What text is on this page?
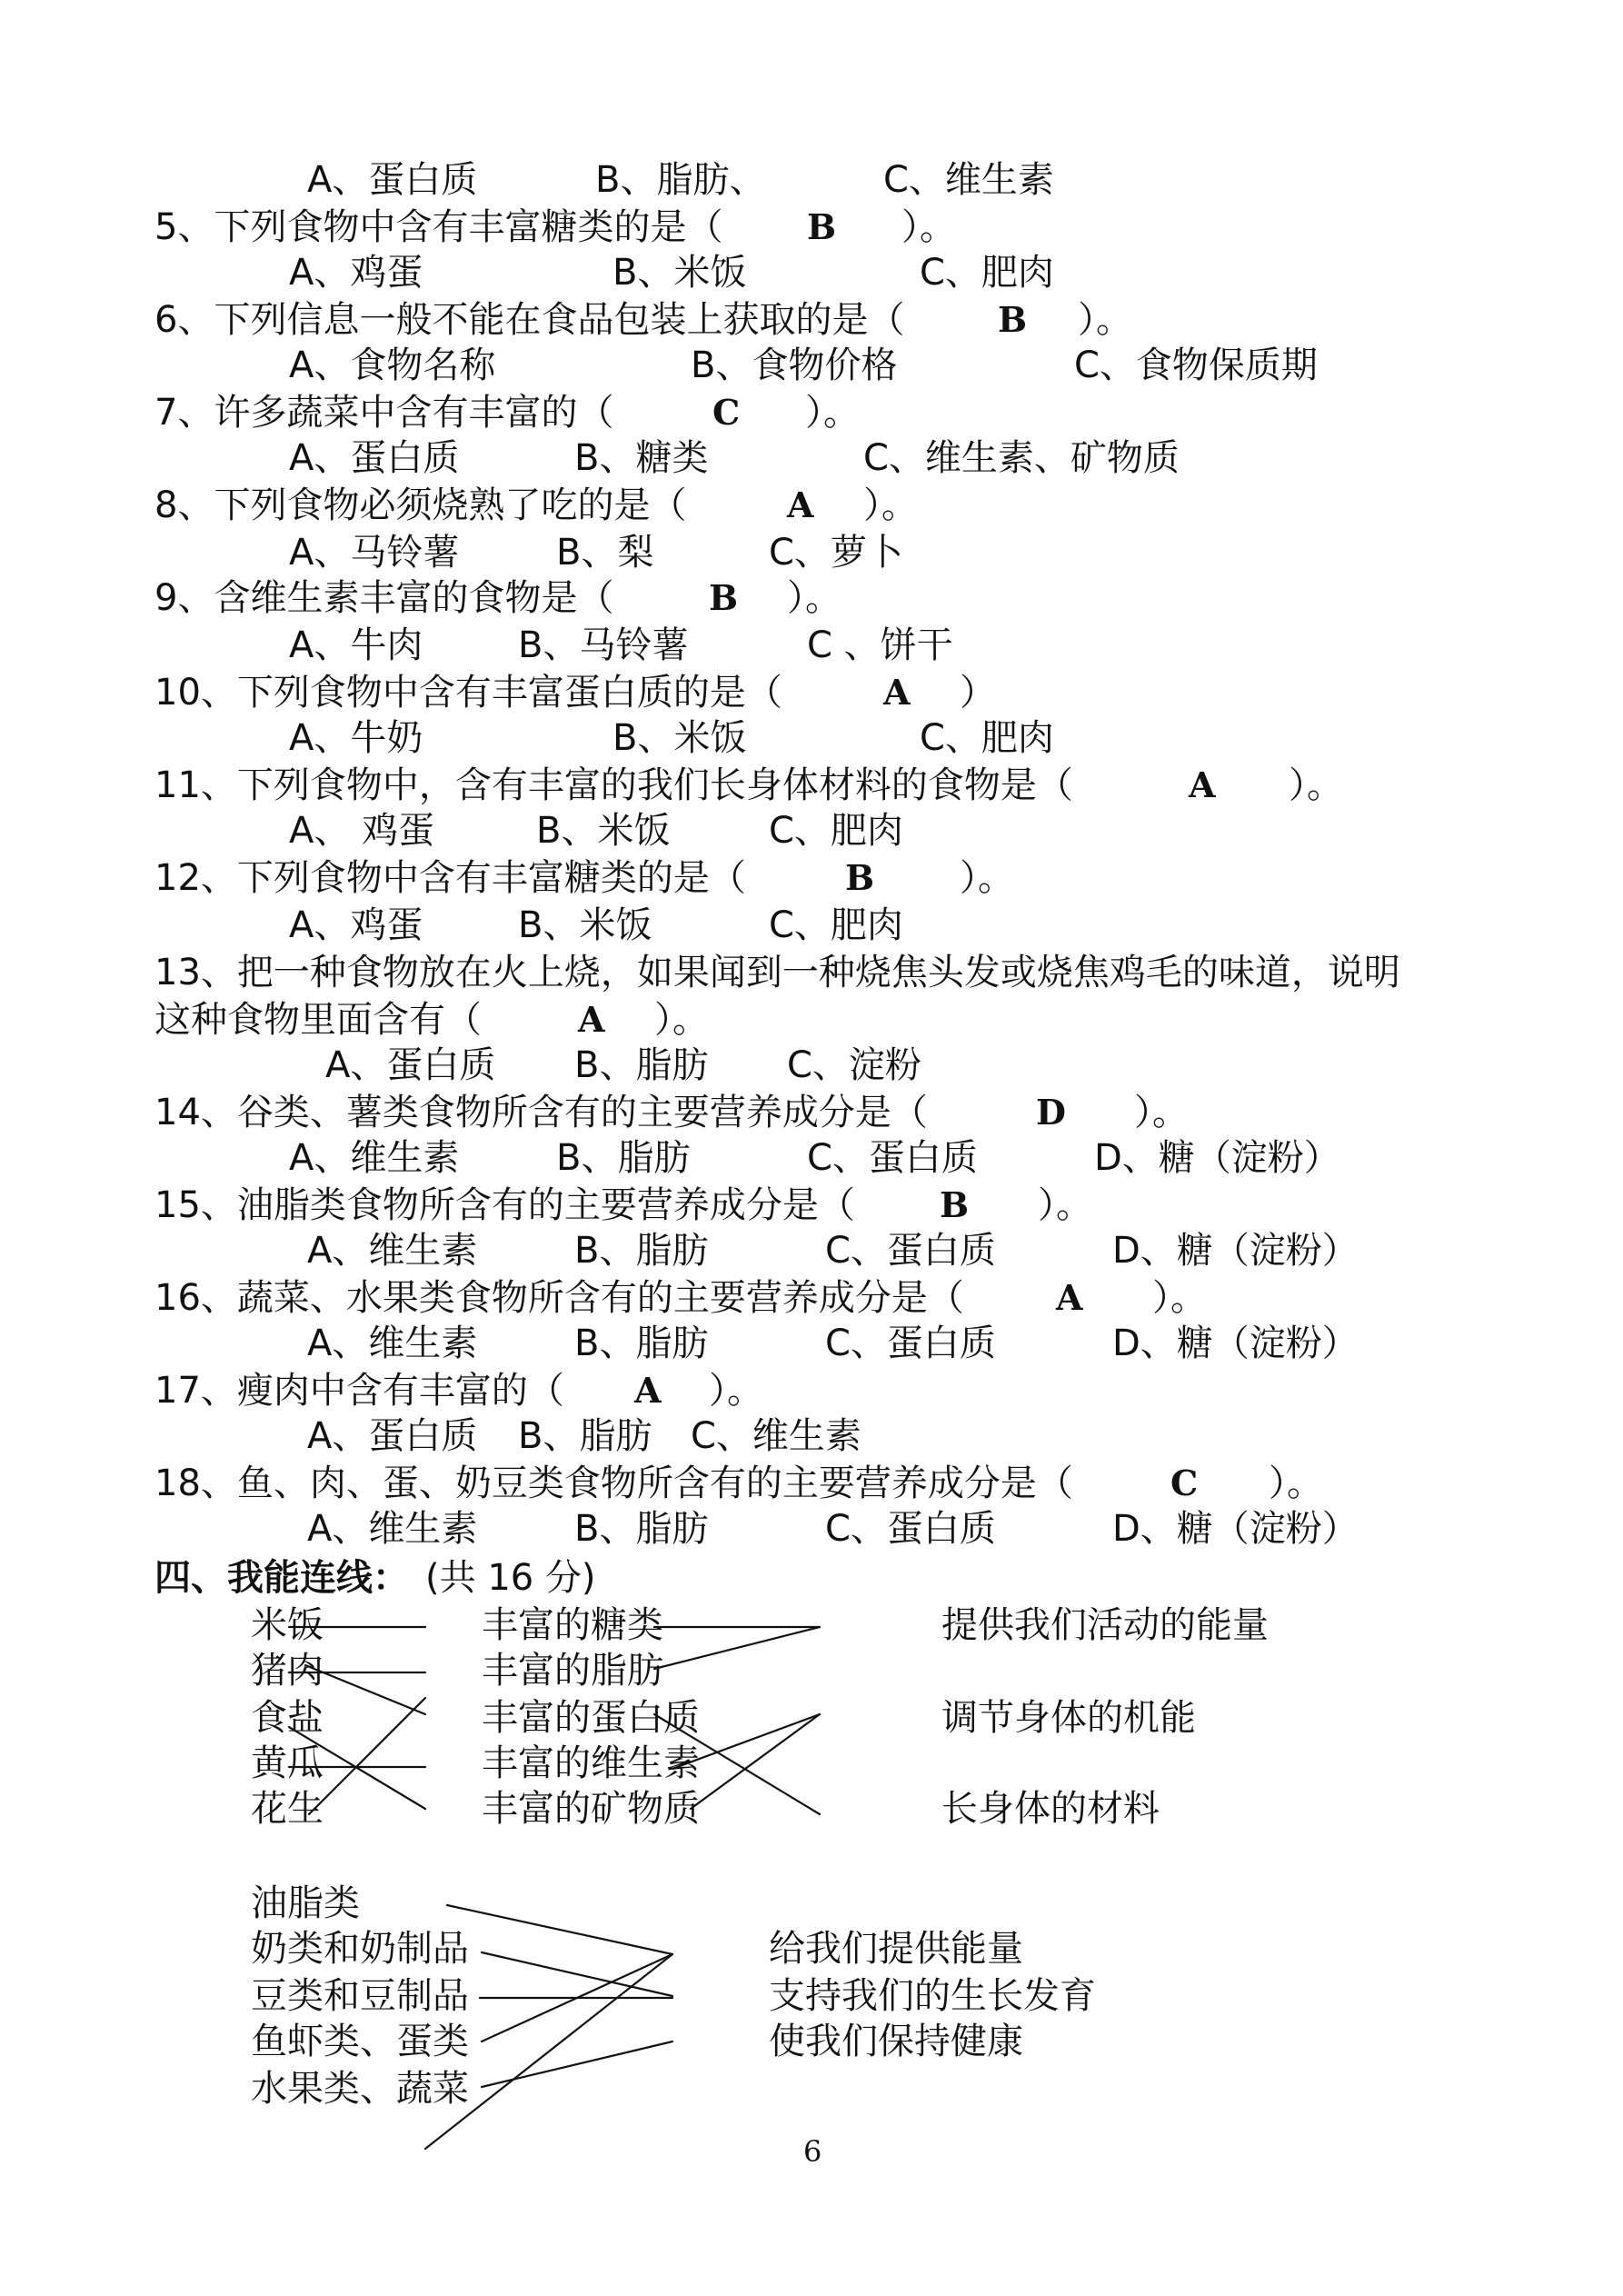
A、蛋白质	B、脂肪、	C、维生素
5、下列食物中含有丰富糖类的是（ B ）。
A、鸡蛋	B、米饭	C、肥肉
6、下列信息一般不能在食品包装上获取的是（	B ）。
A、食物名称	B、食物价格	C、食物保质期
7、许多蔬菜中含有丰富的（	C ）。
A、蛋白质	B、糖类	C、维生素、矿物质
8、下列食物必须烧熟了吃的是（	A ）。
A、马铃薯	B、梨	C、萝卜
9、含维生素丰富的食物是（	B ）。
A、牛肉	B、马铃薯	C 、饼干
10、下列食物中含有丰富蛋白质的是（	A ）
A、牛奶	B、米饭	C、肥肉
11、下列食物中，含有丰富的我们长身体材料的食物是（	A ）。
A、 鸡蛋	B、米饭	C、肥肉
12、下列食物中含有丰富糖类的是（	B ）。
A、鸡蛋	B、米饭	C、肥肉
13、把一种食物放在火上烧，如果闻到一种烧焦头发或烧焦鸡毛的味道，说明
这种食物里面含有（	A ）。
A、蛋白质 B、脂肪 C、淀粉
14、谷类、薯类食物所含有的主要营养成分是（	D ）。
A、维生素	B、脂肪	C、蛋白质	D、糖（淀粉）
15、油脂类食物所含有的主要营养成分是（ B ）。
A、维生素	B、脂肪	C、蛋白质	D、糖（淀粉）
16、蔬菜、水果类食物所含有的主要营养成分是（	A ）。
A、维生素	B、脂肪	C、蛋白质	D、糖（淀粉）
17、瘦肉中含有丰富的（ A ）。
A、蛋白质 B、脂肪 C、维生素
18、鱼、肉、蛋、奶豆类食物所含有的主要营养成分是（	C ）。
A、维生素	B、脂肪	C、蛋白质	D、糖（淀粉）
四、我能连线： (共 16 分)
米饭
猪肉
食盐
黄瓜
花生
丰富的糖类
丰富的脂肪
丰富的蛋白质
丰富的维生素
丰富的矿物质
提供我们活动的能量
调节身体的机能
长身体的材料
油脂类
奶类和奶制品
豆类和豆制品
鱼虾类、蛋类
水果类、蔬菜
给我们提供能量
支持我们的生长发育
使我们保持健康
6
